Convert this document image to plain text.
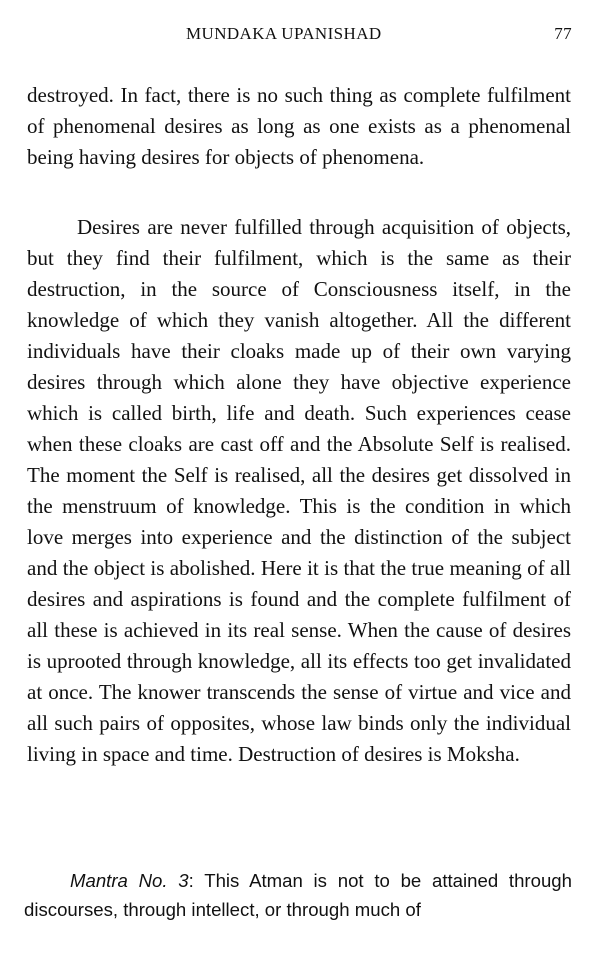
MUNDAKA UPANISHAD	77

destroyed. In fact, there is no such thing as complete fulfilment of phenomenal desires as long as one exists as a phenomenal being having desires for objects of phenomena.

Desires are never fulfilled through acquisition of objects, but they find their fulfilment, which is the same as their destruction, in the source of Consciousness itself, in the knowledge of which they vanish altogether. All the different individuals have their cloaks made up of their own varying desires through which alone they have objective experience which is called birth, life and death. Such experiences cease when these cloaks are cast off and the Absolute Self is realised. The moment the Self is realised, all the desires get dissolved in the menstruum of knowledge. This is the condition in which love merges into experience and the distinction of the subject and the object is abolished. Here it is that the true meaning of all desires and aspirations is found and the complete fulfilment of all these is achieved in its real sense. When the cause of desires is uprooted through knowledge, all its effects too get invalidated at once. The knower transcends the sense of virtue and vice and all such pairs of opposites, whose law binds only the individual living in space and time. Destruction of desires is Moksha.

Mantra No. 3: This Atman is not to be attained through discourses, through intellect, or through much of
